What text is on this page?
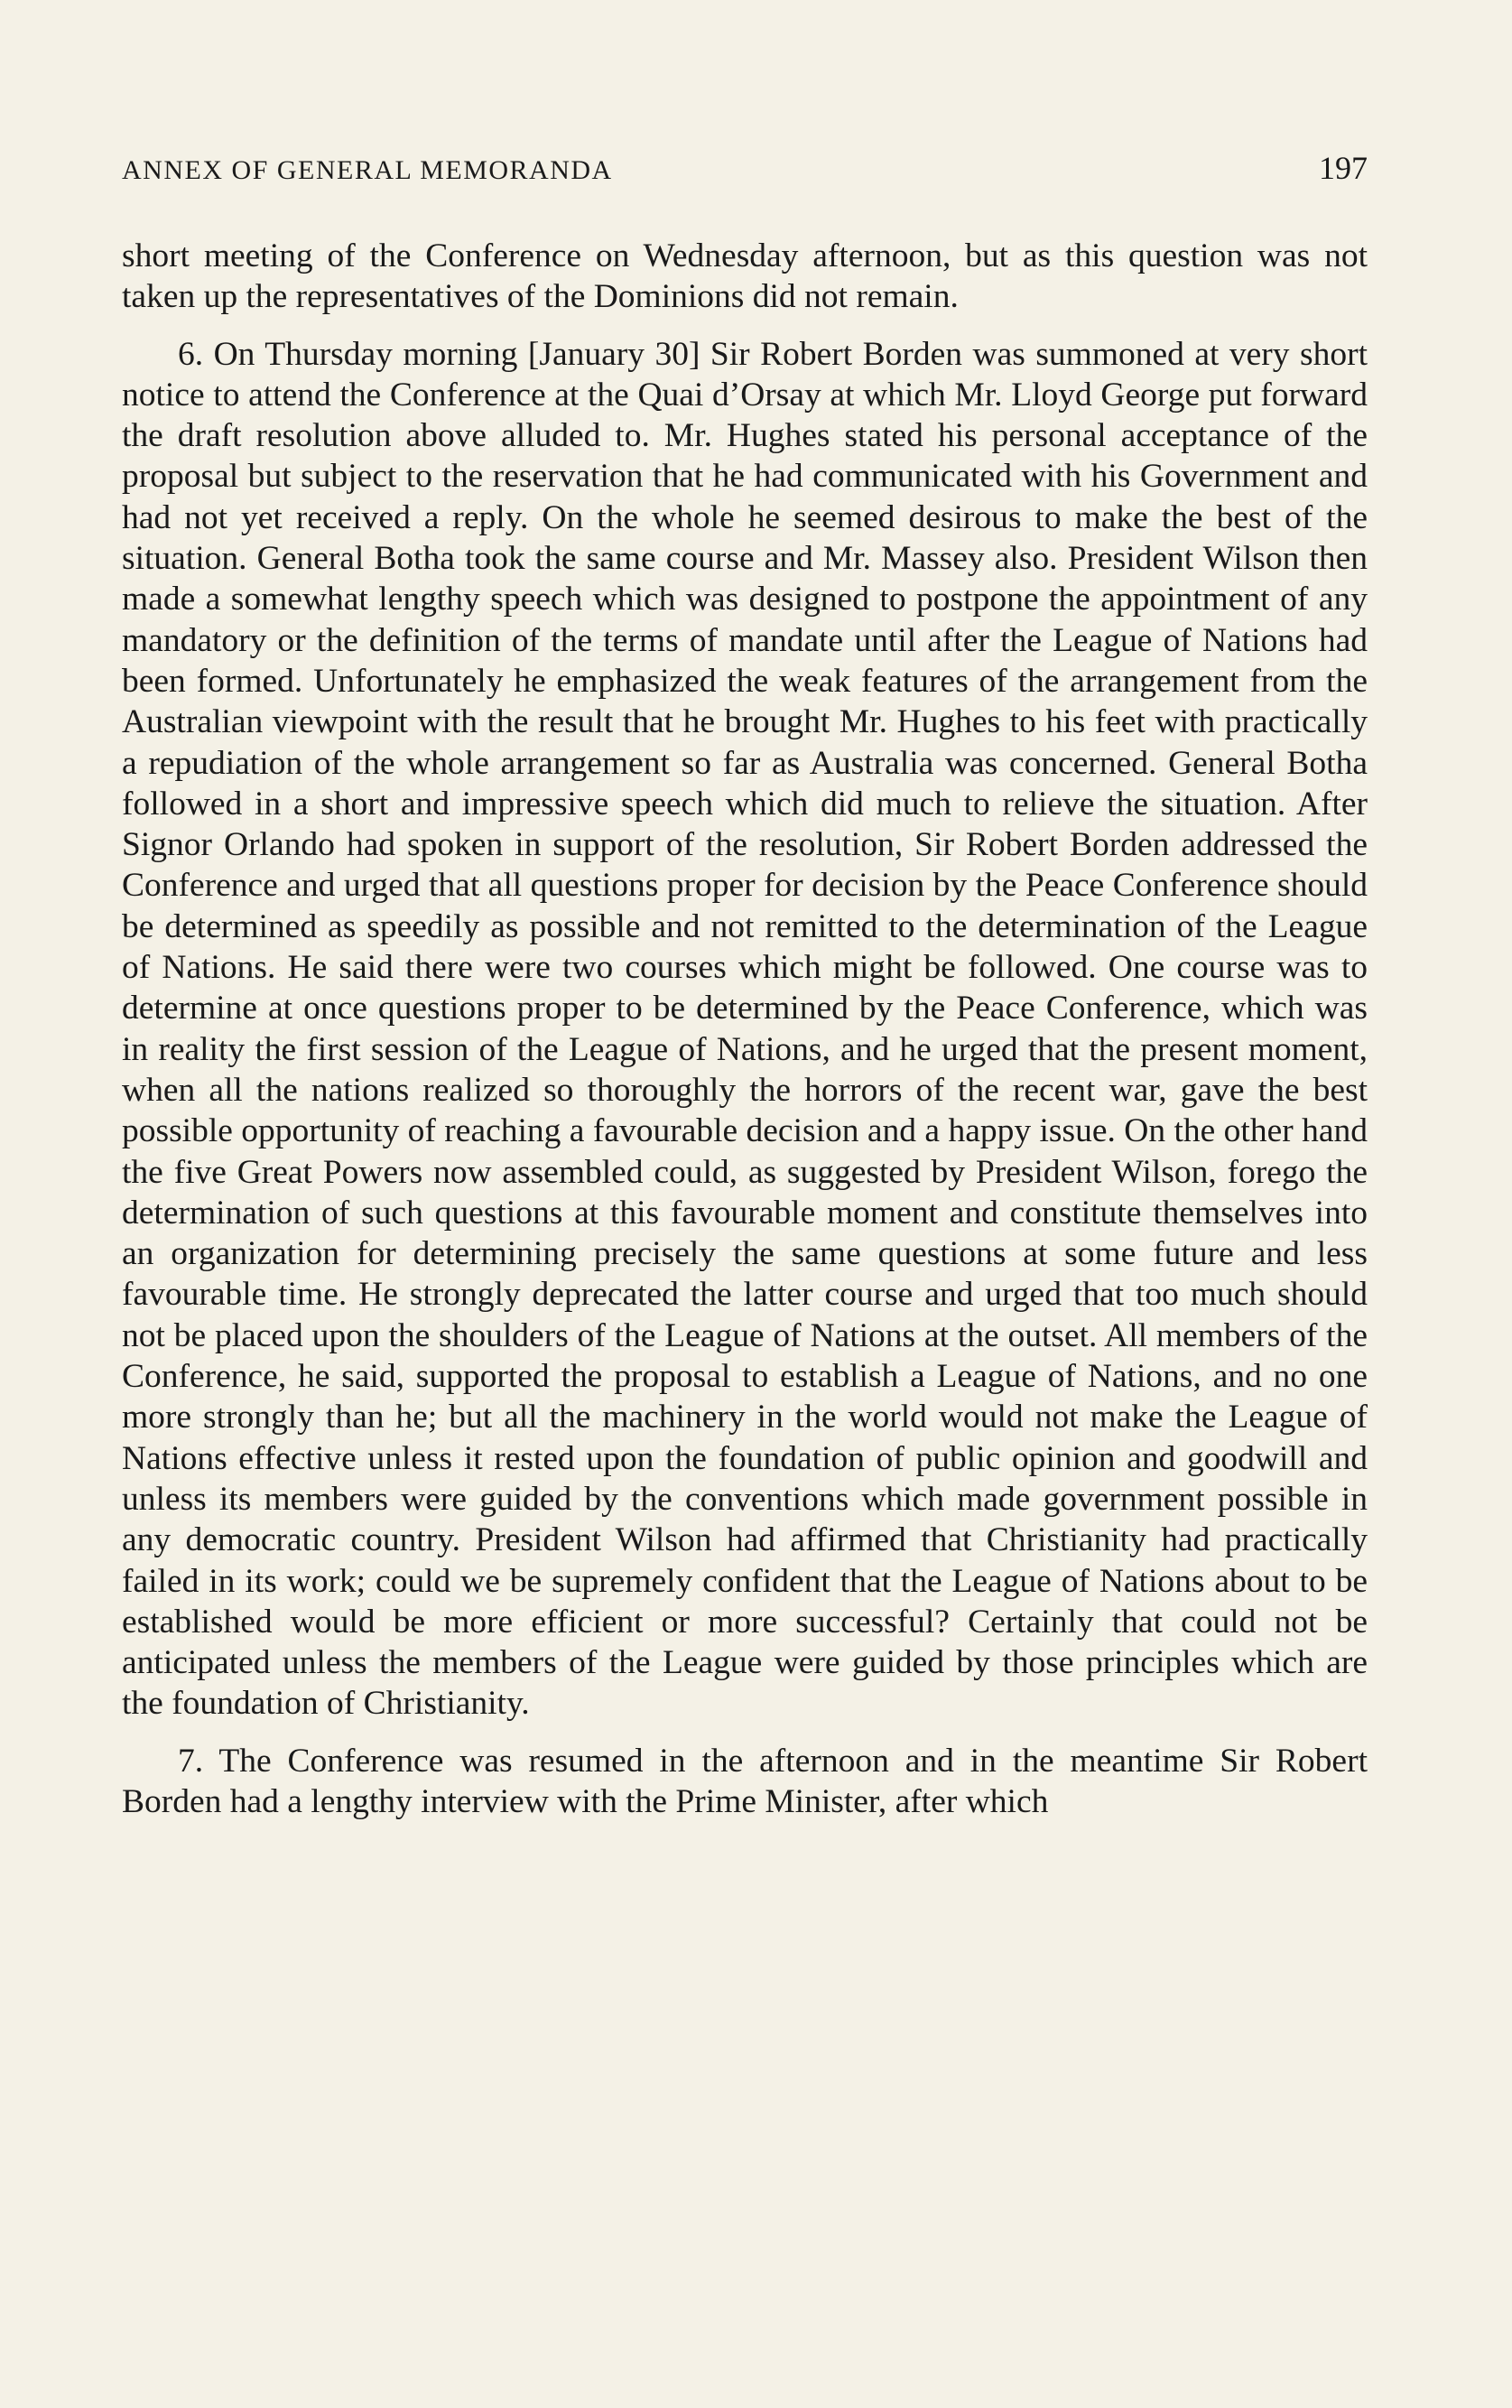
ANNEX OF GENERAL MEMORANDA	197

short meeting of the Conference on Wednesday afternoon, but as this question was not taken up the representatives of the Dominions did not remain.

6. On Thursday morning [January 30] Sir Robert Borden was summoned at very short notice to attend the Conference at the Quai d’Orsay at which Mr. Lloyd George put forward the draft resolution above alluded to. Mr. Hughes stated his personal acceptance of the proposal but subject to the reservation that he had communicated with his Government and had not yet received a reply. On the whole he seemed desirous to make the best of the situation. General Botha took the same course and Mr. Massey also. President Wilson then made a somewhat lengthy speech which was designed to postpone the appointment of any mandatory or the definition of the terms of mandate until after the League of Nations had been formed. Unfortunately he emphasized the weak features of the arrangement from the Australian viewpoint with the result that he brought Mr. Hughes to his feet with practically a repudiation of the whole arrangement so far as Australia was concerned. General Botha followed in a short and impressive speech which did much to relieve the situation. After Signor Orlando had spoken in support of the resolution, Sir Robert Borden addressed the Conference and urged that all questions proper for decision by the Peace Conference should be determined as speedily as possible and not remitted to the determination of the League of Nations. He said there were two courses which might be followed. One course was to determine at once questions proper to be determined by the Peace Conference, which was in reality the first session of the League of Nations, and he urged that the present moment, when all the nations realized so thoroughly the horrors of the recent war, gave the best possible opportunity of reaching a favourable decision and a happy issue. On the other hand the five Great Powers now assembled could, as suggested by President Wilson, forego the determination of such questions at this favourable moment and constitute themselves into an organization for determining precisely the same questions at some future and less favourable time. He strongly deprecated the latter course and urged that too much should not be placed upon the shoulders of the League of Nations at the outset. All members of the Conference, he said, supported the proposal to establish a League of Nations, and no one more strongly than he; but all the machinery in the world would not make the League of Nations effective unless it rested upon the foundation of public opinion and goodwill and unless its members were guided by the conventions which made government possible in any democratic country. President Wilson had affirmed that Christianity had practically failed in its work; could we be supremely confident that the League of Nations about to be established would be more efficient or more successful? Certainly that could not be anticipated unless the members of the League were guided by those principles which are the foundation of Christianity.

7. The Conference was resumed in the afternoon and in the meantime Sir Robert Borden had a lengthy interview with the Prime Minister, after which
